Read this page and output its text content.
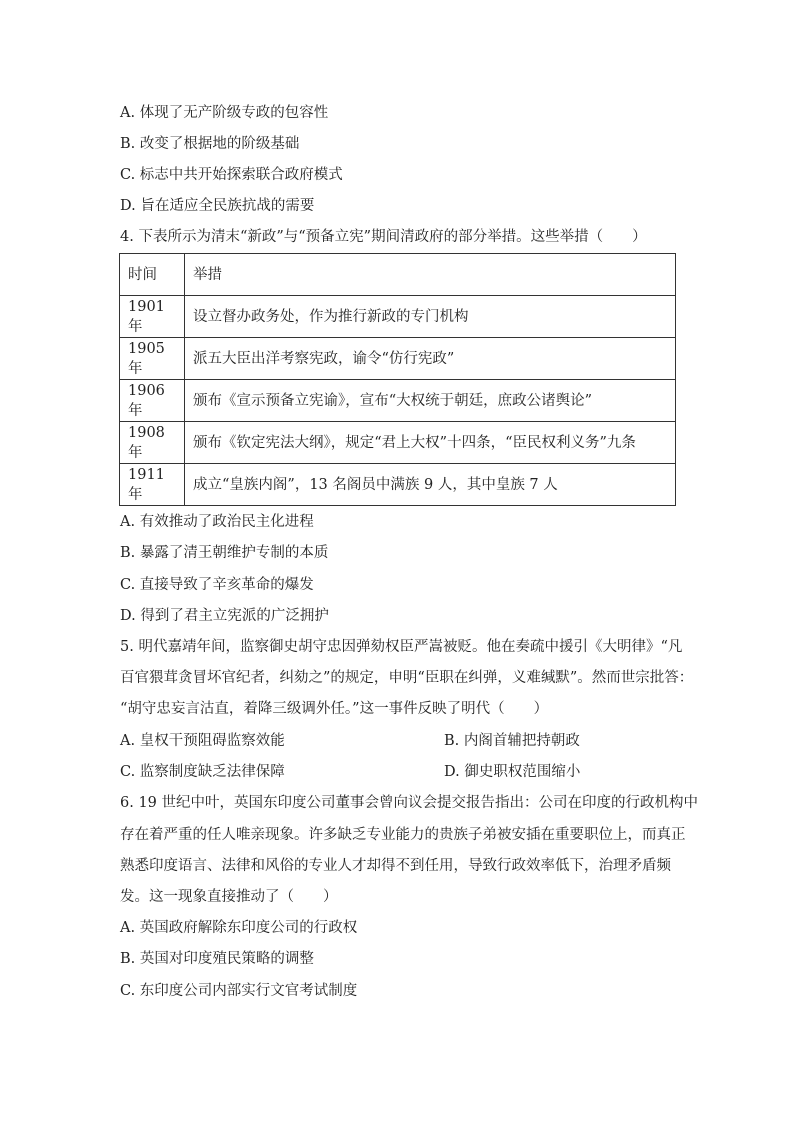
A. 体现了无产阶级专政的包容性
B. 改变了根据地的阶级基础
C. 标志中共开始探索联合政府模式
D. 旨在适应全民族抗战的需要
4. 下表所示为清末“新政”与“预备立宪”期间清政府的部分举措。这些举措（　　）
时间	举措
1901 年	设立督办政务处，作为推行新政的专门机构
1905 年	派五大臣出洋考察宪政，谕令“仿行宪政”
1906 年	颁布《宣示预备立宪谕》，宣布“大权统于朝廷，庶政公诸舆论”
1908 年	颁布《钦定宪法大纲》，规定“君上大权”十四条，“臣民权利义务”九条
1911 年	成立“皇族内阁”，13 名阁员中满族 9 人，其中皇族 7 人
A. 有效推动了政治民主化进程
B. 暴露了清王朝维护专制的本质
C. 直接导致了辛亥革命的爆发
D. 得到了君主立宪派的广泛拥护
5. 明代嘉靖年间，监察御史胡守忠因弹劾权臣严嵩被贬。他在奏疏中援引《大明律》“凡
百官猥茸贪冒坏官纪者，纠劾之”的规定，申明“臣职在纠弹，义难缄默”。然而世宗批答：
“胡守忠妄言沽直，着降三级调外任。”这一事件反映了明代（　　）
A. 皇权干预阻碍监察效能	B. 内阁首辅把持朝政
C. 监察制度缺乏法律保障	D. 御史职权范围缩小
6. 19 世纪中叶，英国东印度公司董事会曾向议会提交报告指出：公司在印度的行政机构中
存在着严重的任人唯亲现象。许多缺乏专业能力的贵族子弟被安插在重要职位上，而真正
熟悉印度语言、法律和风俗的专业人才却得不到任用，导致行政效率低下，治理矛盾频
发。这一现象直接推动了（　　）
A. 英国政府解除东印度公司的行政权
B. 英国对印度殖民策略的调整
C. 东印度公司内部实行文官考试制度
